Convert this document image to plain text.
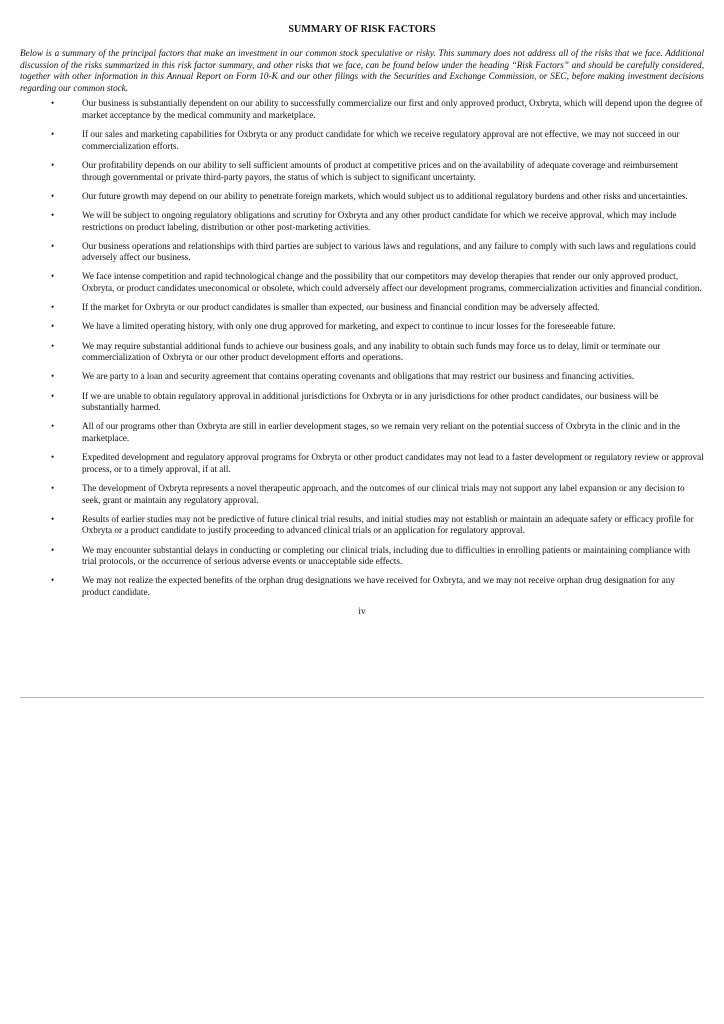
SUMMARY OF RISK FACTORS

Below is a summary of the principal factors that make an investment in our common stock speculative or risky. This summary does not address all of the risks that we face. Additional discussion of the risks summarized in this risk factor summary, and other risks that we face, can be found below under the heading “Risk Factors” and should be carefully considered, together with other information in this Annual Report on Form 10-K and our other filings with the Securities and Exchange Commission, or SEC, before making investment decisions regarding our common stock.

•	Our business is substantially dependent on our ability to successfully commercialize our first and only approved product, Oxbryta, which will depend upon the degree of market acceptance by the medical community and marketplace.
•	If our sales and marketing capabilities for Oxbryta or any product candidate for which we receive regulatory approval are not effective, we may not succeed in our commercialization efforts.
•	Our profitability depends on our ability to sell sufficient amounts of product at competitive prices and on the availability of adequate coverage and reimbursement through governmental or private third-party payors, the status of which is subject to significant uncertainty.
•	Our future growth may depend on our ability to penetrate foreign markets, which would subject us to additional regulatory burdens and other risks and uncertainties.
•	We will be subject to ongoing regulatory obligations and scrutiny for Oxbryta and any other product candidate for which we receive approval, which may include restrictions on product labeling, distribution or other post-marketing activities.
•	Our business operations and relationships with third parties are subject to various laws and regulations, and any failure to comply with such laws and regulations could adversely affect our business.
•	We face intense competition and rapid technological change and the possibility that our competitors may develop therapies that render our only approved product, Oxbryta, or product candidates uneconomical or obsolete, which could adversely affect our development programs, commercialization activities and financial condition.
•	If the market for Oxbryta or our product candidates is smaller than expected, our business and financial condition may be adversely affected.
•	We have a limited operating history, with only one drug approved for marketing, and expect to continue to incur losses for the foreseeable future.
•	We may require substantial additional funds to achieve our business goals, and any inability to obtain such funds may force us to delay, limit or terminate our commercialization of Oxbryta or our other product development efforts and operations.
•	We are party to a loan and security agreement that contains operating covenants and obligations that may restrict our business and financing activities.
•	If we are unable to obtain regulatory approval in additional jurisdictions for Oxbryta or in any jurisdictions for other product candidates, our business will be substantially harmed.
•	All of our programs other than Oxbryta are still in earlier development stages, so we remain very reliant on the potential success of Oxbryta in the clinic and in the marketplace.
•	Expedited development and regulatory approval programs for Oxbryta or other product candidates may not lead to a faster development or regulatory review or approval process, or to a timely approval, if at all.
•	The development of Oxbryta represents a novel therapeutic approach, and the outcomes of our clinical trials may not support any label expansion or any decision to seek, grant or maintain any regulatory approval.
•	Results of earlier studies may not be predictive of future clinical trial results, and initial studies may not establish or maintain an adequate safety or efficacy profile for Oxbryta or a product candidate to justify proceeding to advanced clinical trials or an application for regulatory approval.
•	We may encounter substantial delays in conducting or completing our clinical trials, including due to difficulties in enrolling patients or maintaining compliance with trial protocols, or the occurrence of serious adverse events or unacceptable side effects.
•	We may not realize the expected benefits of the orphan drug designations we have received for Oxbryta, and we may not receive orphan drug designation for any product candidate.
iv
